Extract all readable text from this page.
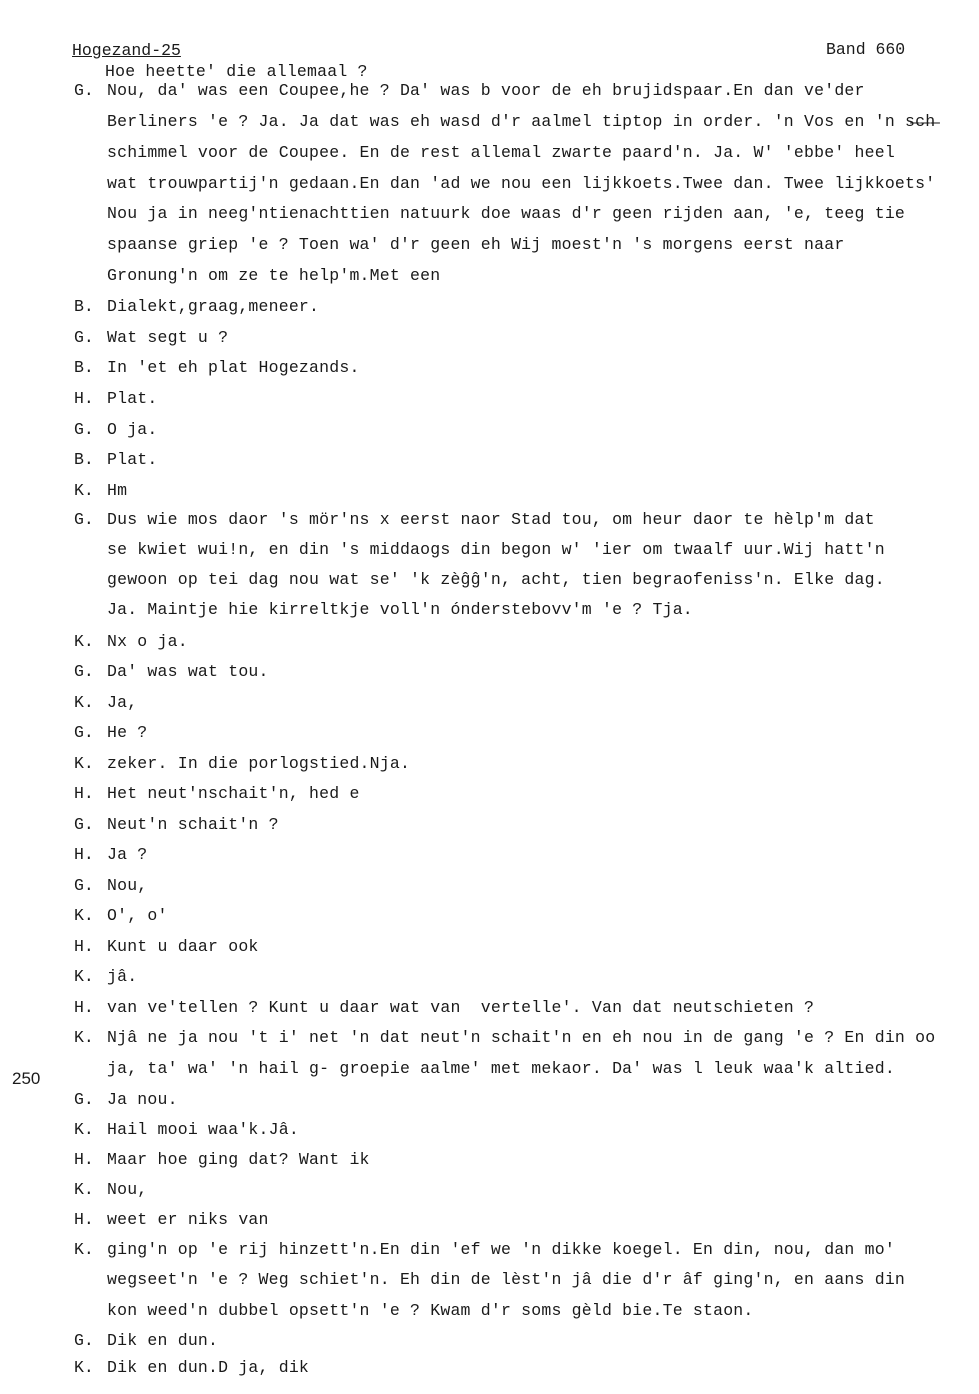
Hogezand-25	Band 660
250
Hoe heette' die allemaal ?
G. Nou, da' was een Coupee,he ? Da' was b voor de eh brujidspaar.En dan ve'der
Berliners 'e ? Ja. Ja dat was eh wasd d'r aalmel tiptop in order. 'n Vos en 'n s̶c̶h̶
schimmel voor de Coupee. En de rest allemal zwarte paard'n. Ja. W' 'ebbe' heel
wat trouwpartij'n gedaan.En dan 'ad we nou een lijkkoets.Twee dan. Twee lijkkoets'
Nou ja in neeg'ntienachttien natuurk doe waas d'r geen rijden aan, 'e, teeg tie
spaanse griep 'e ? Toen wa' d'r geen eh Wij moest'n 's morgens eerst naar
Gronung'n om ze te help'm.Met een
B. Dialekt,graag,meneer.
G. Wat segt u ?
B. In 'et eh plat Hogezands.
H. Plat.
G. O ja.
B. Plat.
K. Hm
G. Dus wie mos daor 's mör'ns x eerst naor Stad tou, om heur daor te hèlp'm dat
se kwiet wui!n, en din 's middaogs din begon w' 'ier om twaalf uur.Wij hatt'n
gewoon op tei dag nou wat se' 'k zèĝĝ'n, acht, tien begraofeniss'n. Elke dag.
Ja. Maintje hie kirreltkje voll'n ónderstebovv'm 'e ? Tja.
K. Nx o ja.
G. Da' was wat tou.
K. Ja,
G. He ?
K. zeker. In die porlogstied.Nja.
H. Het neut'nschait'n, hed e
G. Neut'n schait'n ?
H. Ja ?
G. Nou,
K. O', o'
H. Kunt u daar ook
K. jâ.
H. van ve'tellen ? Kunt u daar wat van  vertelle'. Van dat neutschieten ?
K. Njâ ne ja nou 't i' net 'n dat neut'n schait'n en eh nou in de gang 'e ? En din oo
ja, ta' wa' 'n hail g- groepie aalme' met mekaor. Da' was l leuk waa'k altied.
G. Ja nou.
K. Hail mooi waa'k.Jâ.
H. Maar hoe ging dat? Want ik
K. Nou,
H. weet er niks van
K. ging'n op 'e rij hinzett'n.En din 'ef we 'n dikke koegel. En din, nou, dan mo'
wegseet'n 'e ? Weg schiet'n. Eh din de lèst'n jâ die d'r âf ging'n, en aans din
kon weed'n dubbel opsett'n 'e ? Kwam d'r soms gèld bie.Te staon.
G. Dik en dun.
K. Dik en dun.D ja, dik
